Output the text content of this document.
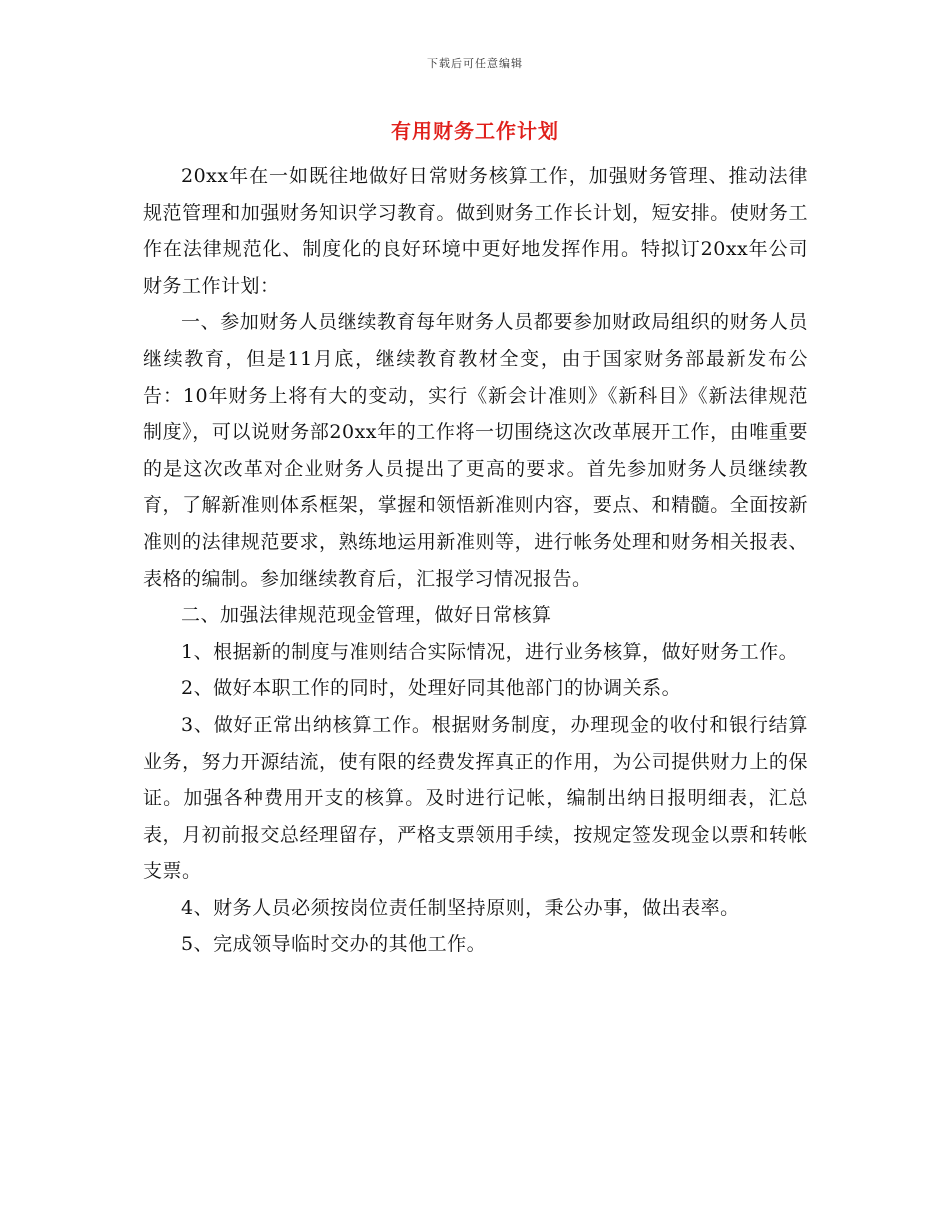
下载后可任意编辑
有用财务工作计划

20xx年在一如既往地做好日常财务核算工作，加强财务管理、推动法律规范管理和加强财务知识学习教育。做到财务工作长计划，短安排。使财务工作在法律规范化、制度化的良好环境中更好地发挥作用。特拟订20xx年公司财务工作计划：

一、参加财务人员继续教育每年财务人员都要参加财政局组织的财务人员继续教育，但是11月底，继续教育教材全变，由于国家财务部最新发布公告：10年财务上将有大的变动，实行《新会计准则》《新科目》《新法律规范制度》，可以说财务部20xx年的工作将一切围绕这次改革展开工作，由唯重要的是这次改革对企业财务人员提出了更高的要求。首先参加财务人员继续教育，了解新准则体系框架，掌握和领悟新准则内容，要点、和精髓。全面按新准则的法律规范要求，熟练地运用新准则等，进行帐务处理和财务相关报表、表格的编制。参加继续教育后，汇报学习情况报告。

二、加强法律规范现金管理，做好日常核算

1、根据新的制度与准则结合实际情况，进行业务核算，做好财务工作。

2、做好本职工作的同时，处理好同其他部门的协调关系。

3、做好正常出纳核算工作。根据财务制度，办理现金的收付和银行结算业务，努力开源结流，使有限的经费发挥真正的作用，为公司提供财力上的保证。加强各种费用开支的核算。及时进行记帐，编制出纳日报明细表，汇总表，月初前报交总经理留存，严格支票领用手续，按规定签发现金以票和转帐支票。

4、财务人员必须按岗位责任制坚持原则，秉公办事，做出表率。

5、完成领导临时交办的其他工作。
